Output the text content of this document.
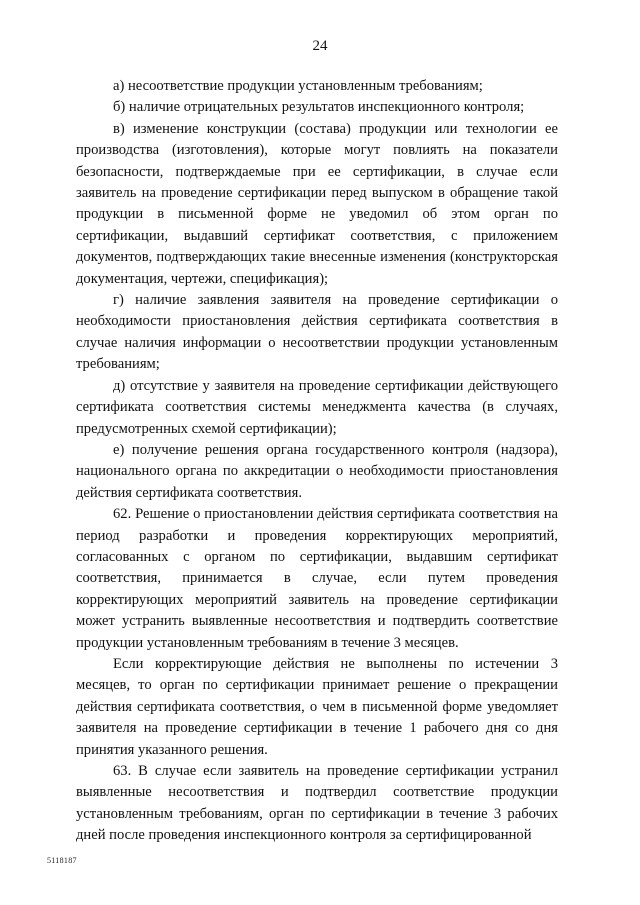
24

а) несоответствие продукции установленным требованиям;

б) наличие отрицательных результатов инспекционного контроля;

в) изменение конструкции (состава) продукции или технологии ее производства (изготовления), которые могут повлиять на показатели безопасности, подтверждаемые при ее сертификации, в случае если заявитель на проведение сертификации перед выпуском в обращение такой продукции в письменной форме не уведомил об этом орган по сертификации, выдавший сертификат соответствия, с приложением документов, подтверждающих такие внесенные изменения (конструкторская документация, чертежи, спецификация);

г) наличие заявления заявителя на проведение сертификации о необходимости приостановления действия сертификата соответствия в случае наличия информации о несоответствии продукции установленным требованиям;

д) отсутствие у заявителя на проведение сертификации действующего сертификата соответствия системы менеджмента качества (в случаях, предусмотренных схемой сертификации);

е) получение решения органа государственного контроля (надзора), национального органа по аккредитации о необходимости приостановления действия сертификата соответствия.

62. Решение о приостановлении действия сертификата соответствия на период разработки и проведения корректирующих мероприятий, согласованных с органом по сертификации, выдавшим сертификат соответствия, принимается в случае, если путем проведения корректирующих мероприятий заявитель на проведение сертификации может устранить выявленные несоответствия и подтвердить соответствие продукции установленным требованиям в течение 3 месяцев.

Если корректирующие действия не выполнены по истечении 3 месяцев, то орган по сертификации принимает решение о прекращении действия сертификата соответствия, о чем в письменной форме уведомляет заявителя на проведение сертификации в течение 1 рабочего дня со дня принятия указанного решения.

63. В случае если заявитель на проведение сертификации устранил выявленные несоответствия и подтвердил соответствие продукции установленным требованиям, орган по сертификации в течение 3 рабочих дней после проведения инспекционного контроля за сертифицированной

5118187
